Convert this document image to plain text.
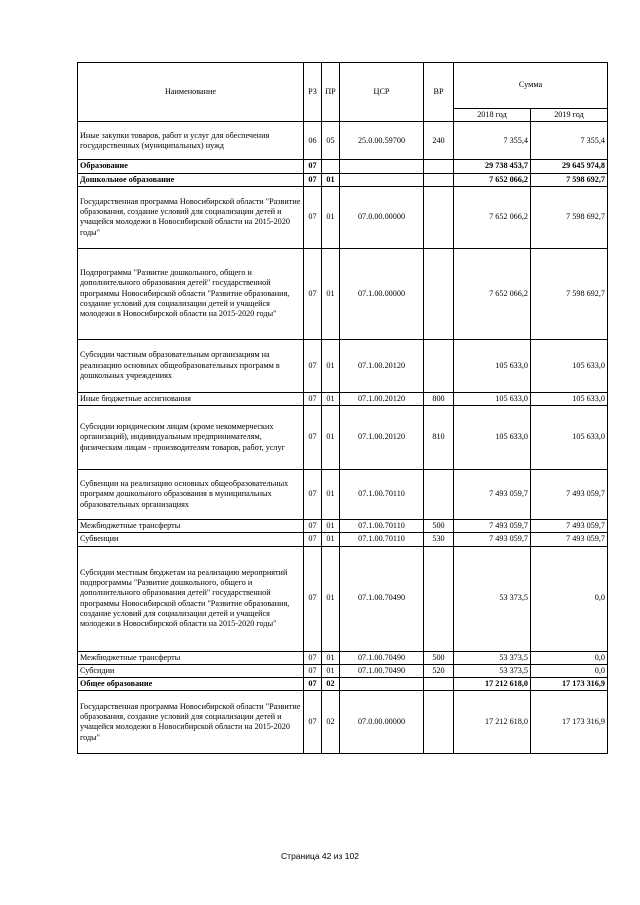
Наименование	РЗ	ПР	ЦСР	ВР	Сумма	
					2018 год	2019 год
Иные закупки товаров, работ и услуг для обеспечения государственных (муниципальных) нужд	06	05	25.0.00.59700	240	7 355,4	7 355,4
Образование	07				29 738 453,7	29 645 974,8
Дошкольное образование	07	01			7 652 066,2	7 598 692,7
Государственная программа Новосибирской области "Развитие образования, создание условий для социализации детей и учащейся молодежи в Новосибирской области на 2015-2020 годы"	07	01	07.0.00.00000		7 652 066,2	7 598 692,7
Подпрограмма "Развитие дошкольного, общего и дополнительного образования детей" государственной программы Новосибирской области "Развитие образования, создание условий для социализации детей и учащейся молодежи в Новосибирской области на 2015-2020 годы"	07	01	07.1.00.00000		7 652 066,2	7 598 692,7
Субсидии частным образовательным организациям на реализацию основных общеобразовательных программ в дошкольных учреждениях	07	01	07.1.00.20120		105 633,0	105 633,0
Иные бюджетные ассигнования	07	01	07.1.00.20120	800	105 633,0	105 633,0
Субсидии юридическим лицам (кроме некоммерческих организаций), индивидуальным предпринимателям, физическим лицам - производителям товаров, работ, услуг	07	01	07.1.00.20120	810	105 633,0	105 633,0
Субвенции на реализацию основных общеобразовательных программ дошкольного образования в муниципальных образовательных организациях	07	01	07.1.00.70110		7 493 059,7	7 493 059,7
Межбюджетные трансферты	07	01	07.1.00.70110	500	7 493 059,7	7 493 059,7
Субвенции	07	01	07.1.00.70110	530	7 493 059,7	7 493 059,7
Субсидии местным бюджетам на реализацию мероприятий подпрограммы "Развитие дошкольного, общего и дополнительного образования детей" государственной программы Новосибирской области "Развитие образования, создание условий для социализации детей и учащейся молодежи в Новосибирской области на 2015-2020 годы"	07	01	07.1.00.70490		53 373,5	0,0
Межбюджетные трансферты	07	01	07.1.00.70490	500	53 373,5	0,0
Субсидии	07	01	07.1.00.70490	520	53 373,5	0,0
Общее образование	07	02			17 212 618,0	17 173 316,9
Государственная программа Новосибирской области "Развитие образования, создание условий для социализации детей и учащейся молодежи в Новосибирской области на 2015-2020 годы"	07	02	07.0.00.00000		17 212 618,0	17 173 316,9
Страница 42 из 102
